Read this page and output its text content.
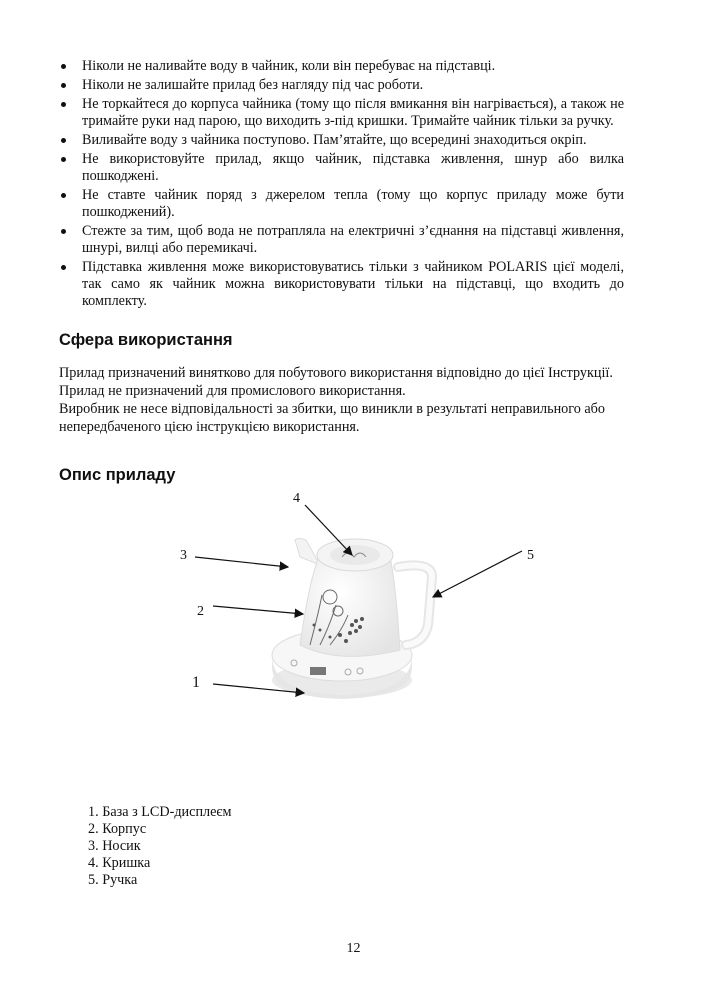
Ніколи не наливайте воду в чайник, коли він перебуває на підставці.
Ніколи не залишайте прилад без нагляду під час роботи.
Не торкайтеся до корпуса чайника (тому що після вмикання він нагрівається), а також не тримайте руки над парою, що виходить з-під кришки. Тримайте чайник тільки за ручку.
Виливайте воду з чайника поступово. Пам’ятайте, що всередині знаходиться окріп.
Не використовуйте прилад, якщо чайник, підставка живлення, шнур або вилка пошкоджені.
Не ставте чайник поряд з джерелом тепла (тому що корпус приладу може бути пошкоджений).
Стежте за тим, щоб вода не потрапляла на електричні з’єднання на підставці живлення, шнурі, вилці або перемикачі.
Підставка живлення може використовуватись тільки з чайником POLARIS цієї моделі, так само як чайник можна використовувати тільки на підставці, що входить до комплекту.
Сфера використання

Прилад призначений винятково для побутового використання відповідно до цієї Інструкції.

Прилад не призначений для промислового використання.

Виробник не несе відповідальності за збитки, що виникли в результаті неправильного або непередбаченого цією інструкцією використання.

Опис приладу
4
3	5
2
1
1. База з LCD-дисплеєм
2. Корпус
3. Носик
4. Кришка
5. Ручка
12
